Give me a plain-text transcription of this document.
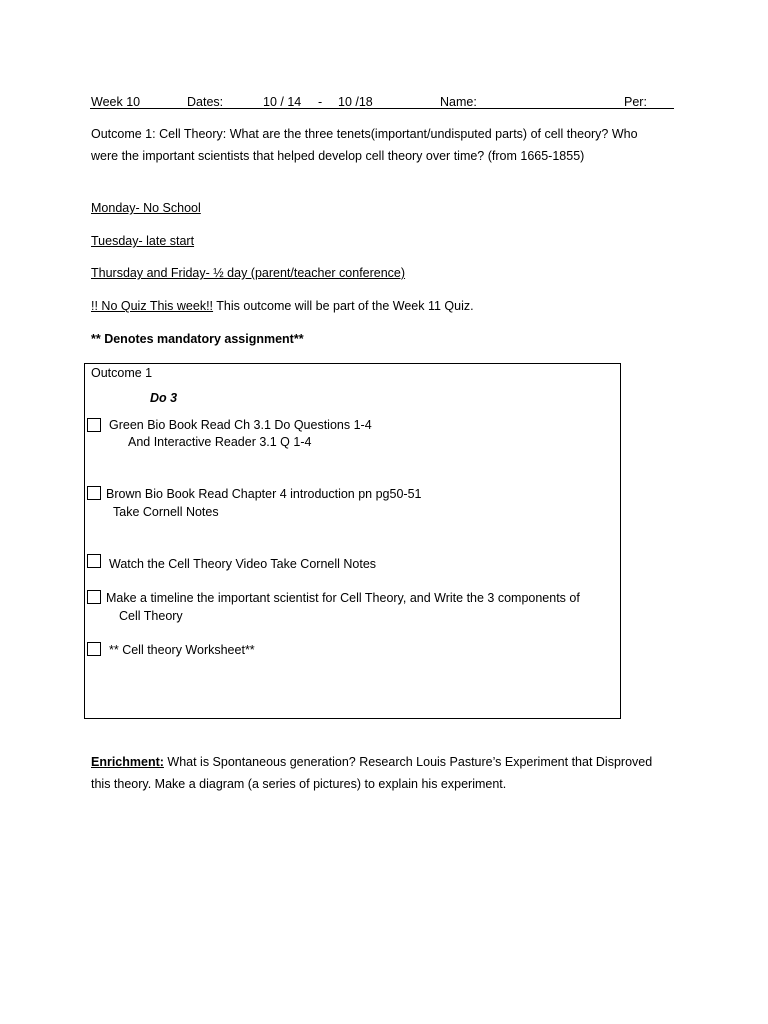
Week 10	Dates:	10 / 14 - 10 /18	Name:	Per:
Outcome 1: Cell Theory: What are the three tenets(important/undisputed parts) of cell theory? Who
were the important scientists that helped develop cell theory over time? (from 1665-1855)
Monday- No School
Tuesday- late start
Thursday and Friday- ½ day (parent/teacher conference)
!! No Quiz This week!! This outcome will be part of the Week 11 Quiz.
** Denotes mandatory assignment**
Outcome 1
Do 3
Green Bio Book Read Ch 3.1 Do Questions 1-4
And Interactive Reader 3.1 Q 1-4
Brown Bio Book Read Chapter 4 introduction pn pg50-51
Take Cornell Notes
Watch the Cell Theory Video Take Cornell Notes
Make a timeline the important scientist for Cell Theory, and Write the 3 components of
Cell Theory
** Cell theory Worksheet**
Enrichment: What is Spontaneous generation? Research Louis Pasture’s Experiment that Disproved
this theory. Make a diagram (a series of pictures) to explain his experiment.
